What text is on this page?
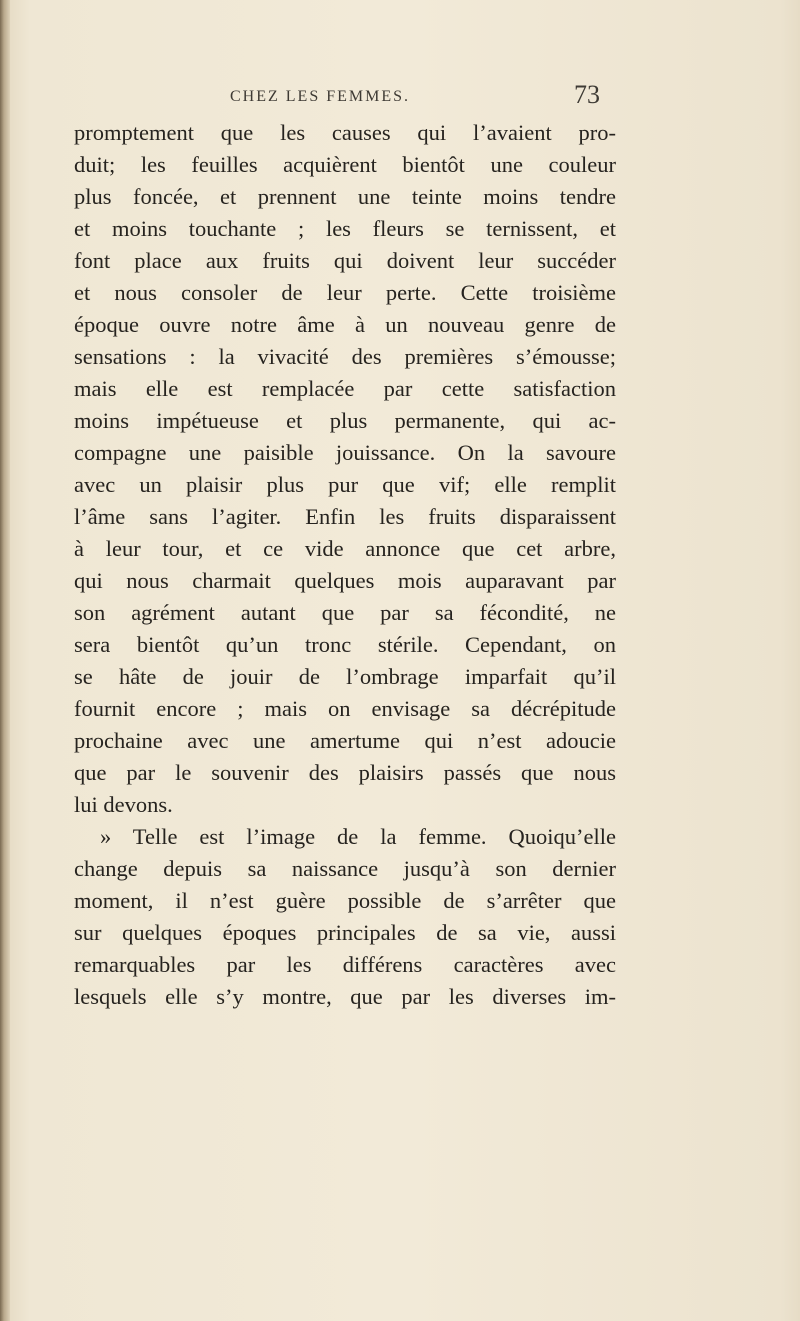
CHEZ LES FEMMES.	73
promptement que les causes qui l’avaient pro-
duit; les feuilles acquièrent bientôt une couleur
plus foncée, et prennent une teinte moins tendre
et moins touchante ; les fleurs se ternissent, et
font place aux fruits qui doivent leur succéder
et nous consoler de leur perte. Cette troisième
époque ouvre notre âme à un nouveau genre de
sensations : la vivacité des premières s’émousse;
mais elle est remplacée par cette satisfaction
moins impétueuse et plus permanente, qui ac-
compagne une paisible jouissance. On la savoure
avec un plaisir plus pur que vif; elle remplit
l’âme sans l’agiter. Enfin les fruits disparaissent
à leur tour, et ce vide annonce que cet arbre,
qui nous charmait quelques mois auparavant par
son agrément autant que par sa fécondité, ne
sera bientôt qu’un tronc stérile. Cependant, on
se hâte de jouir de l’ombrage imparfait qu’il
fournit encore ; mais on envisage sa décrépitude
prochaine avec une amertume qui n’est adoucie
que par le souvenir des plaisirs passés que nous
lui devons.
» Telle est l’image de la femme. Quoiqu’elle
change depuis sa naissance jusqu’à son dernier
moment, il n’est guère possible de s’arrêter que
sur quelques époques principales de sa vie, aussi
remarquables par les différens caractères avec
lesquels elle s’y montre, que par les diverses im-
